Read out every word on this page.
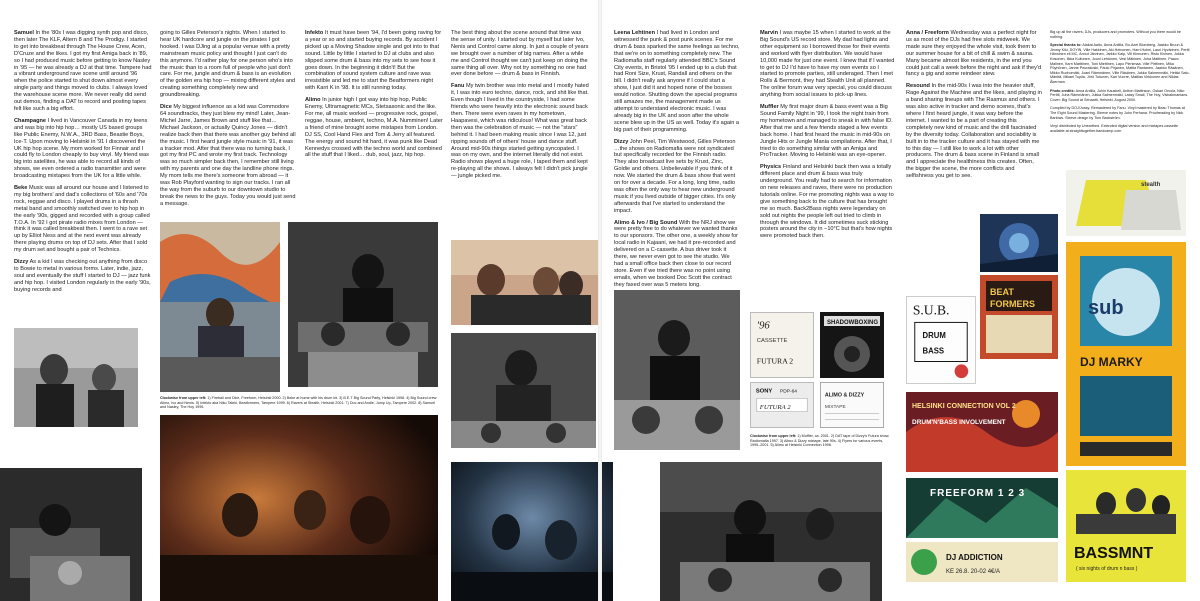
Samuel In the '80s I was digging synth pop and disco, then later The KLF, Altern 8 and The Prodigy. I started to get into breakbeat through The House Crew, Acen, D'Cruze and the likes. I got my first Amiga back in '89, so I had produced music before getting to know Nasley in '95 — he was already a DJ at that time. Tampere had a vibrant underground rave scene until around '96 when the police started to shut down almost every single party and things moved to clubs. I always loved the warehouse scene more. We never really did send out demos, finding a DAT to record and posting tapes felt like such a big effort.

Champagne I lived in Vancouver Canada in my teens and was big into hip hop… mostly US based groups like Public Enemy, N.W.A., 3RD Bass, Beastie Boys, Ice-T. Upon moving to Helsinki in '91 I discovered the UK hip hop scene. My mom worked for Finnair and I could fly to London cheaply to buy vinyl. My friend was big into satellites, he was able to record all kinds of shows, we even ordered a radio transmitter and were broadcasting mixtapes from the UK for a little while.

Beke Music was all around our house and I listened to my big brothers' and dad's collections of '60s and '70s rock, reggae and disco. I played drums in a thrash metal band and smoothly switched over to hip hop in the early '90s, gigged and recorded with a group called T.O.A. In '92 I got pirate radio mixes from London — think it was called breakbeat then. I went to a rave set up by Elliot Ness and at the next event was already there playing drums on top of DJ sets. After that I sold my drum set and bought a pair of Technics.

Dizzy As a kid I was checking out anything from disco to Bowie to metal in various forms. Later, indie, jazz, soul and eventually the stuff I started to DJ — jazz funk and hip hop. I visited London regularly in the early '90s, buying records and

going to Gilles Peterson's nights. When I started to hear UK hardcore and jungle on the pirates I got hooked. I was DJing at a popular venue with a pretty mainstream music policy and thought I just can't do this anymore. I'd rather play for one person who's into the music than to a room full of people who just don't care. For me, jungle and drum & bass is an evolution of the golden era hip hop — mixing different styles and creating something completely new and groundbreaking.

Dice My biggest influence as a kid was Commodore 64 soundtracks, they just blew my mind! Later, Jean-Michel Jarre, James Brown and stuff like that… Michael Jackson, or actually Quincy Jones — didn't realize back then that there was another guy behind all the music. I first heard jungle style music in '91, it was a tracker mod. After that there was no turning back, I got my first PC and wrote my first track. Technology was so much simpler back then, I remember still living with my parents and one day the landline phone rings. My mom tells me there's someone from abroad — it was Rob Playford wanting to sign our tracks. I ran all the way from the suburb to our downtown studio to break the news to the guys. Today you would just send a message.

Infekto It must have been '94, I'd been going raving for a year or so and started buying records. By accident I picked up a Moving Shadow single and got into to that sound. Little by little I started to DJ at clubs and also slipped some drum & bass into my sets to see how it goes down. In the beginning it didn't! But the combination of sound system culture and rave was irresistible and led me to start the Beatformers night with Karri K in '98. It is still running today.

Alimo In junior high I got way into hip hop, Public Enemy, Ultramagnetic MCs, Stetsasonic and the like. For me, all music worked — progressive rock, gospel, reggae, house, ambient, techno, M.A. Numminen! Later a friend of mine brought some mixtapes from London. DJ SS, Cool Hand Flex and Tom & Jerry all featured. The energy and sound hit hard, it was punk like Dead Kennedys crossed with the techno world and combined all the stuff that I liked… dub, soul, jazz, hip hop.

The best thing about the scene around that time was the sense of unity. I started out by myself but later Ivo, Nenis and Control came along. In just a couple of years we brought over a number of big names. After a while me and Control thought we can't just keep on doing the same thing all over. Why not try something no one had ever done before — drum & bass in Finnish.

Fanu My twin brother was into metal and I mostly hated it, I was into euro techno, dance, rock, and shit like that. Even though I lived in the countryside, I had some friends who were heavily into the electronic sound back then. There were even raves in my hometown, Haapavesi, which was ridiculous! What was great back then was the celebration of music — not the "stars" behind it. I had been making music since I was 12, just ripping sounds off of others' house and dance stuff. Around mid-90s things started getting syncopated. I was on my own, and the internet literally did not exist. Radio shows played a huge role, I taped them and kept re-playing all the shows. I always felt I didn't pick jungle — jungle picked me.

Clockwise from upper left: 1) Fireball and Dice, Freeform, Helsinki 2000. 2) Beke at home with his drum kit. 3) B.E.T Big Sound Party, Helsinki 1998. 4) Big Sound crew: Alimo, Ivo and Nenis. 5) Infekto aka Niko Taleki, Beatformers, Tampere 1999. 6) Ravers at Stealth, Helsinki 2001. 7) Doc and Andie, Jump Up, Tampere 2002. 8) Samuel and Nasley, The Hoy 1995.

Leena Lehtinen I had lived in London and witnessed the punk & post punk scenes. For me drum & bass sparked the same feelings as techno, that we're on to something completely new. The Radiomafia staff regularly attended BBC's Sound City events, in Bristol '95 I ended up to a club that had Roni Size, Krust, Randall and others on the bill. I didn't really ask anyone if I could start a show, I just did it and hoped none of the bosses would notice. Shutting down the special programs still amazes me, the management made us attempt to understand electronic music. I was already big in the UK and soon after the whole scene blew up in the US as well. Today it's again a big part of their programming.

Dizzy John Peel, Tim Westwood, Gilles Peterson …the shows on Radiomafia were not syndicated but specifically recorded for the Finnish radio. They also broadcast live sets by Krust, Zinc, Goldie and others. Unbelievable if you think of it now. We started the drum & bass show that went on for over a decade. For a long, long time, radio was often the only way to hear new underground music if you lived outside of bigger cities. It's only afterwards that I've started to understand the impact.

Alimo & Ivo / Big Sound With the NRJ show we were pretty free to do whatever we wanted thanks to our sponsors. The other one, a weekly show for local radio in Kajaani, we had it pre-recorded and delivered on a C-cassette. A bus driver took it there, we never even got to see the studio. We had a small office back then close to our record store. Even if we tried there was no point using emails, when we booked Doc Scott the contract they faxed over was 5 meters long.

Marvin I was maybe 15 when I started to work at the Big Sound's US record store. My dad had lights and other equipment so I borrowed those for their events and worked with flyer distribution. We would have 10,000 made for just one event. I knew that if I wanted to get to DJ I'd have to have my own events so I started to promote parties, still underaged. Then I met Rolls & Bermont, they had Stealth Unit all planned. The online forum was very special, you could discuss anything from social issues to pick-up lines.

Muffler My first major drum & bass event was a Big Sound Family Night in '99, I took the night train from my hometown and managed to sneak in with false ID. After that me and a few friends staged a few events back home. I had first heard the music in mid-90s on Jungle Hits or Jungle Mania compilations. After that, I tried to do something similar with an Amiga and ProTracker. Moving to Helsinki was an eye-opener.

Physics Finland and Helsinki back then was a totally different place and drum & bass was truly underground. You really had to search for information on new releases and raves, there were no production tutorials online. For me promoting nights was a way to give something back to the culture that has brought me so much. Back2Bass nights were legendary on sold out nights the people left out tried to climb in through the windows. It did sometimes suck sticking posters around the city in −10°C but that's how nights were promoted back then.

Anna / Freeform Wednesday was a perfect night for us as most of the DJs had free slots midweek. We made sure they enjoyed the whole visit, took them to our summer house for a bit of chill & swim & sauna. Many became almost like residents, in the end you could just call a week before the night and ask if they'd fancy a gig and some reindeer stew.

Resound In the mid-90s I was into the heavier stuff, Rage Against the Machine and the likes, and playing in a band sharing lineups with The Rasmus and others. I was also active in tracker and demo scenes, that's where I first heard jungle, it was way before the internet. I wanted to be a part of creating this completely new kind of music and the drill fascinated by the diversity today. Collaboration and sociability is built in to the tracker culture and it has stayed with me to this day — I still like to work a lot with other producers. The drum & bass scene in Finland is small and I appreciate the healthiness this creates. Often, the bigger the scene, the more conflicts and selfishness you get to see.

Big up all the ravers, DJs, producers and promoters. Without you there would be nothing.

Special thanks to: Alakat Aalto, Anna Antilla, Bo-Axel Blomberg, Jaakko Bruun & Jimmy Kiki, DOYIN, Ville Hakkinen, Aki Heinonen, Harri Holmi, Lauri Hyvärinen, Pertti Hänninen eli MC, Annut Järvinen, Jarkko Kalp, Vili Kinnunen, Risto Kivinen, Jukka Kosonen, Ilkka Kuitunen, Jouni Lehtonen, Vesi Mäkinen, Juha Mattinen, Paavo Malinen, Karri Marttinen, Toni Miettinen, Lapo Pienimaa, Ville Pirttinen, Mika Pöyhönen, Janne Peurakoski, Paulo Pirjanen, Mattia Rantanen, Jaakko Räsänen, Mikko Ruohomäki, Joani Rämmänen, Ville Räsänen, Jukka Salmenmäki, Heikki Salo-Mänttä, Mikael Tupila, Jörö Tutunen, Kari Vuorre, Mattias Virkkunen and Niklas Åkerman.

Photo credits: Anna Antilla, Juhin Kauskell, Antton Mattinson, Oskari Orvola, Niko Perttil, Juha Rämmänen, Jukka Salmenmäki, Lassy Small, The Hoy, Visbakmanians.
Cover: Big Sound at Senaatti, Helsinki, August 2000.

Compiled by DOJ/Jussy. Remastered by Fanu. Vinyl mastered by Beau Thomas at The Eight Sound Mastering. Sleeve notes by John Perhana. Proofreading by Nick Barlows. Sleeve design by Tom Backström.

Vinyl distributed by Unearthed. Extended digital version and mixtapes cassette available at straighttogether.bandcamp.com

'96
CASSETTE
FUTURA 2
SHADOWBOXING
SONY PDP-64
FUTURA 2
ALIMO & DIZZY
MIXTAPE
Clockwise from upper left: 1) Muffler, ca. 2001. 2) DAT tape of Dizzy's Futura show, Radiomafia 1997. 3) Alimo & Dizzy mixtape, late 90s. 4) Flyers for various events, 1995–2001. 5) Alimo at Helsinki Connection 1998.
stealth
BEAT
FORMERS
S.U.B.
DRUM
BASS
DJ MARKY
sub
HELSINKI CONNECTION VOL 2
DRUM'N'BASS INVOLVEMENT
FREEFORM 1 2 3
DJ ADDICTION
KE 26.8. 20-02 4€/A
BASSMNT
( six nights of drum n bass )
